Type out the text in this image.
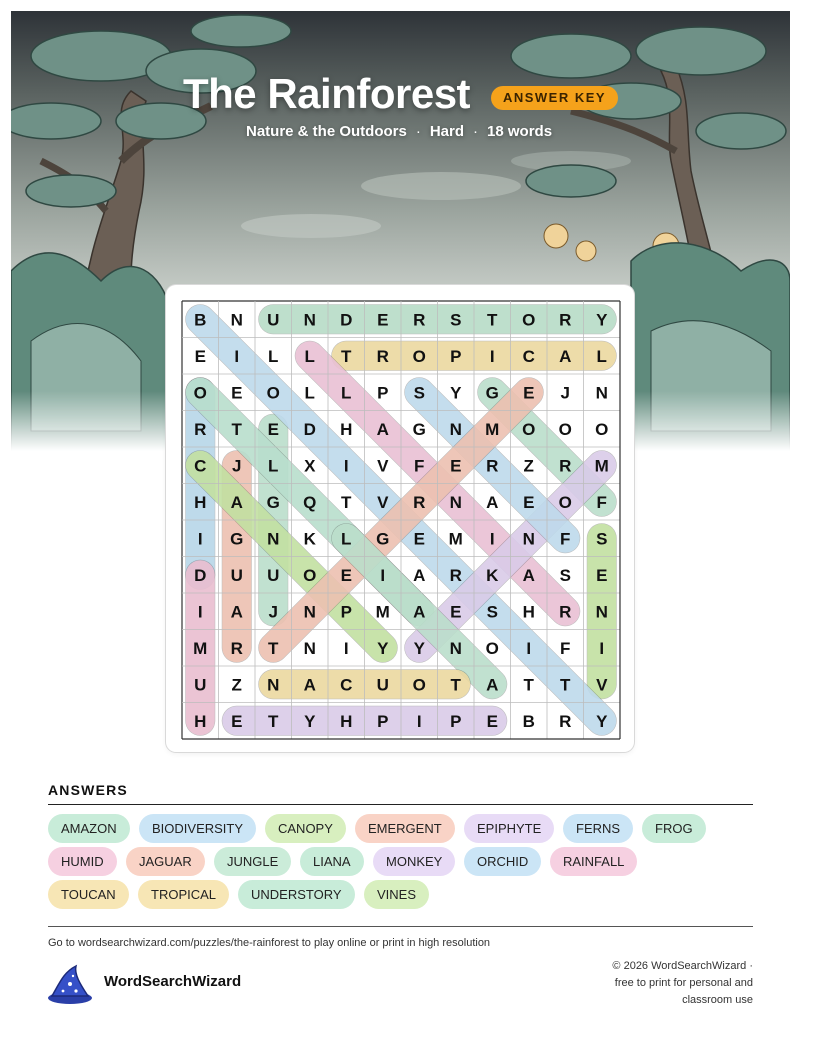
The Rainforest	ANSWER KEY
Nature & the Outdoors · Hard · 18 words
B N U N D E R S T O R Y
E I L L T R O P I C A L
O E O L L P S Y G E J N
R T E D H A G N M O O O
C J L X I V F E R Z R M
H A G Q T V R N A E O F
I G N K L G E M I N F S
D U U O E I A R K A S E
I A J N P M A E S H R N
M R T N I Y Y N O I F I
U Z N A C U O T A T T V
H E T Y H P I P E B R Y
ANSWERS
AMAZON	BIODIVERSITY	CANOPY	EMERGENT	EPIPHYTE	FERNS	FROG
HUMID	JAGUAR	JUNGLE	LIANA	MONKEY	ORCHID	RAINFALL
TOUCAN	TROPICAL	UNDERSTORY	VINES
Go to wordsearchwizard.com/puzzles/the-rainforest to play online or print in high resolution
WordSearchWizard
© 2026 WordSearchWizard ·
free to print for personal and
classroom use
